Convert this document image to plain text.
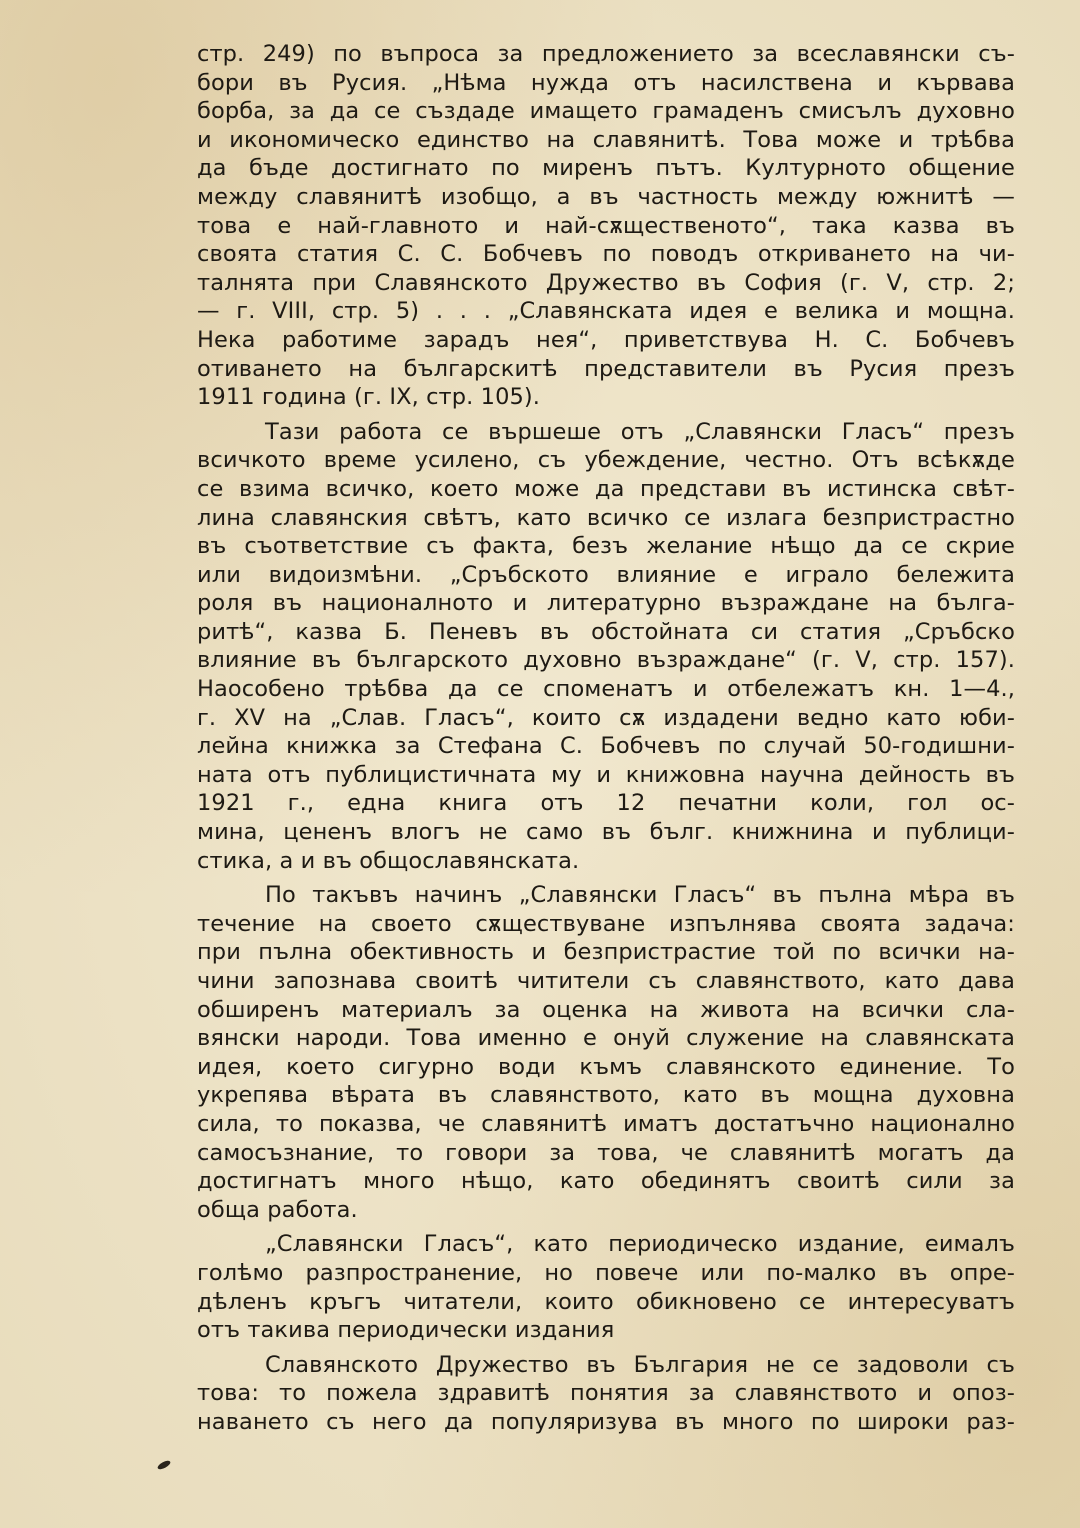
стр. 249) по въпроса за предложението за всеславянски съ-
бори въ Русия. „Нѣма нужда отъ насилствена и кървава
борба, за да се създаде имащето грамаденъ смисълъ духовно
и икономическо единство на славянитѣ. Това може и трѣбва
да бъде достигнато по миренъ пътъ. Културното общение
между славянитѣ изобщо, а въ частность между южнитѣ —
това е най-главното и най-сѫщественото“, така казва въ
своята статия С. С. Бобчевъ по поводъ откриването на чи-
талнята при Славянското Дружество въ София (г. V, стр. 2;
— г. VIII, стр. 5) . . . „Славянската идея е велика и мощна.
Нека работиме зарадъ нея“, приветствува Н. С. Бобчевъ
отиването на българскитѣ представители въ Русия презъ
1911 година (г. IX, стр. 105).
Тази работа се вършеше отъ „Славянски Гласъ“ презъ
всичкото време усилено, съ убеждение, честно. Отъ всѣкѫде
се взима всичко, което може да представи въ истинска свѣт-
лина славянския свѣтъ, като всичко се излага безпристрастно
въ съответствие съ факта, безъ желание нѣщо да се скрие
или видоизмѣни. „Сръбското влияние е играло бележита
роля въ националното и литературно възраждане на бълга-
ритѣ“, казва Б. Пеневъ въ обстойната си статия „Сръбско
влияние въ българското духовно възраждане“ (г. V, стр. 157).
Наособено трѣбва да се споменатъ и отбележатъ кн. 1—4.,
г. XV на „Слав. Гласъ“, които сѫ издадени ведно като юби-
лейна книжка за Стефана С. Бобчевъ по случай 50-годишни-
ната отъ публицистичната му и книжовна научна дейность въ
1921 г., една книга отъ 12 печатни коли, гол ос-
мина, цененъ влогъ не само въ бълг. книжнина и публици-
стика, а и въ общославянската.
По такъвъ начинъ „Славянски Гласъ“ въ пълна мѣра въ
течение на своето сѫществуване изпълнява своята задача:
при пълна обективность и безпристрастие той по всички на-
чини запознава своитѣ читители съ славянството, като дава
обширенъ материалъ за оценка на живота на всички сла-
вянски народи. Това именно е онуй служение на славянската
идея, което сигурно води къмъ славянското единение. То
укрепява вѣрата въ славянството, като въ мощна духовна
сила, то показва, че славянитѣ иматъ достатъчно национално
самосъзнание, то говори за това, че славянитѣ могатъ да
достигнатъ много нѣщо, като обединятъ своитѣ сили за
обща работа.
„Славянски Гласъ“, като периодическо издание, еималъ
голѣмо разпространение, но повече или по-малко въ опре-
дѣленъ кръгъ читатели, които обикновено се интересуватъ
отъ такива периодически издания
Славянското Дружество въ България не се задоволи съ
това: то пожела здравитѣ понятия за славянството и опоз-
наването съ него да популяризува въ много по широки раз-
